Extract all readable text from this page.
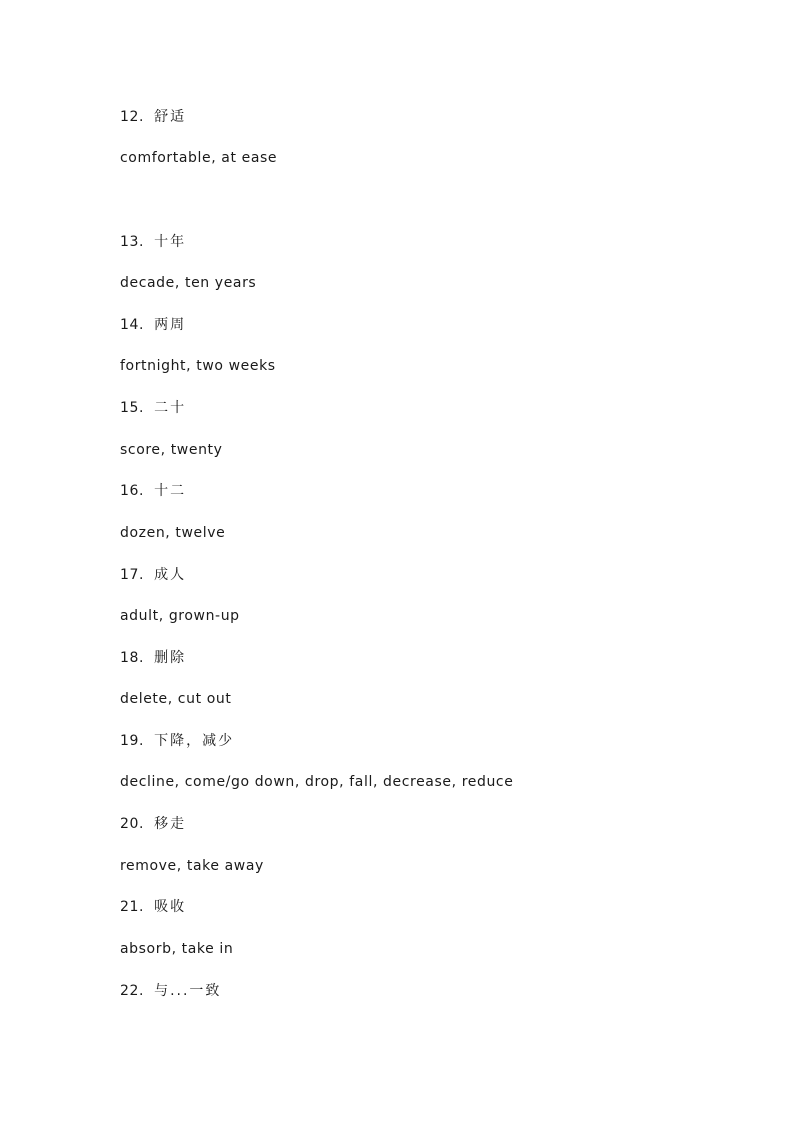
12. 舒适
comfortable, at ease
13. 十年
decade, ten years
14. 两周
fortnight, two weeks
15. 二十
score, twenty
16. 十二
dozen, twelve
17. 成人
adult, grown-up
18. 删除
delete, cut out
19. 下降，减少
decline, come/go down, drop, fall, decrease, reduce
20. 移走
remove, take away
21. 吸收
absorb, take in
22. 与...一致
